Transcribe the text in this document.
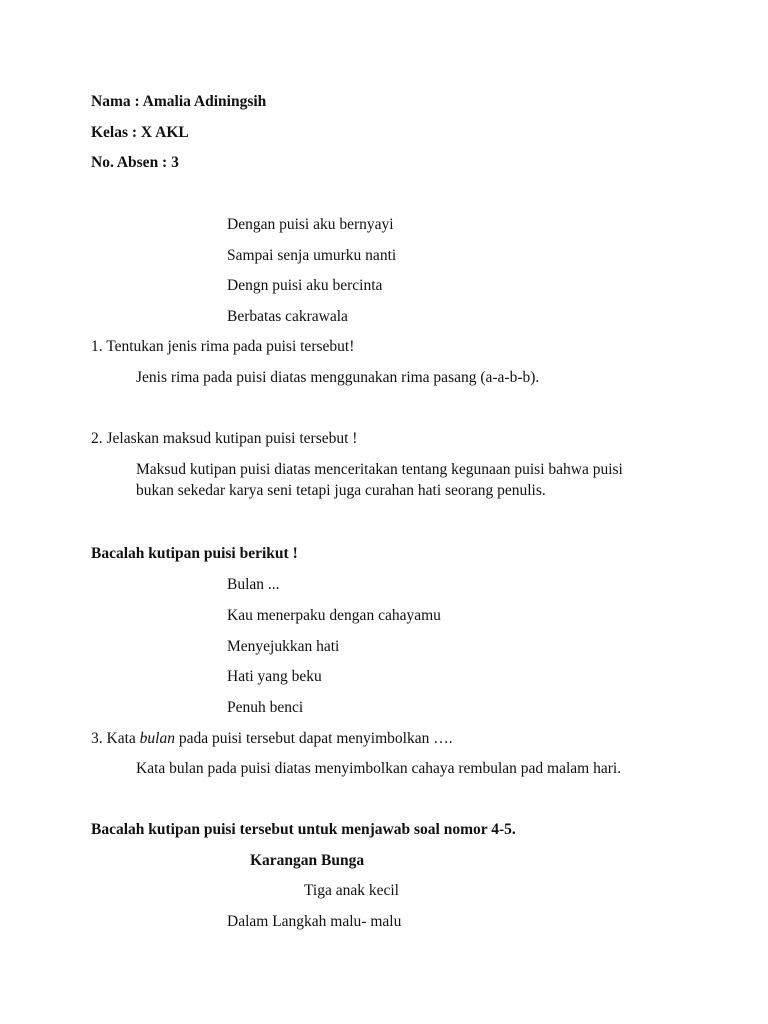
Nama : Amalia Adiningsih
Kelas : X AKL
No. Absen : 3
Dengan puisi aku bernyayi
Sampai senja umurku nanti
Dengn puisi aku bercinta
Berbatas cakrawala
1. Tentukan jenis rima pada puisi tersebut!
Jenis rima pada puisi diatas menggunakan rima pasang (a-a-b-b).
2. Jelaskan maksud kutipan puisi tersebut !
Maksud kutipan puisi diatas menceritakan tentang kegunaan puisi bahwa puisi
bukan sekedar karya seni tetapi juga curahan hati seorang penulis.
Bacalah kutipan puisi berikut !
Bulan ...
Kau menerpaku dengan cahayamu
Menyejukkan hati
Hati yang beku
Penuh benci
3. Kata bulan pada puisi tersebut dapat menyimbolkan ….
Kata bulan pada puisi diatas menyimbolkan cahaya rembulan pad malam hari.
Bacalah kutipan puisi tersebut untuk menjawab soal nomor 4-5.
Karangan Bunga
Tiga anak kecil
Dalam Langkah malu- malu
